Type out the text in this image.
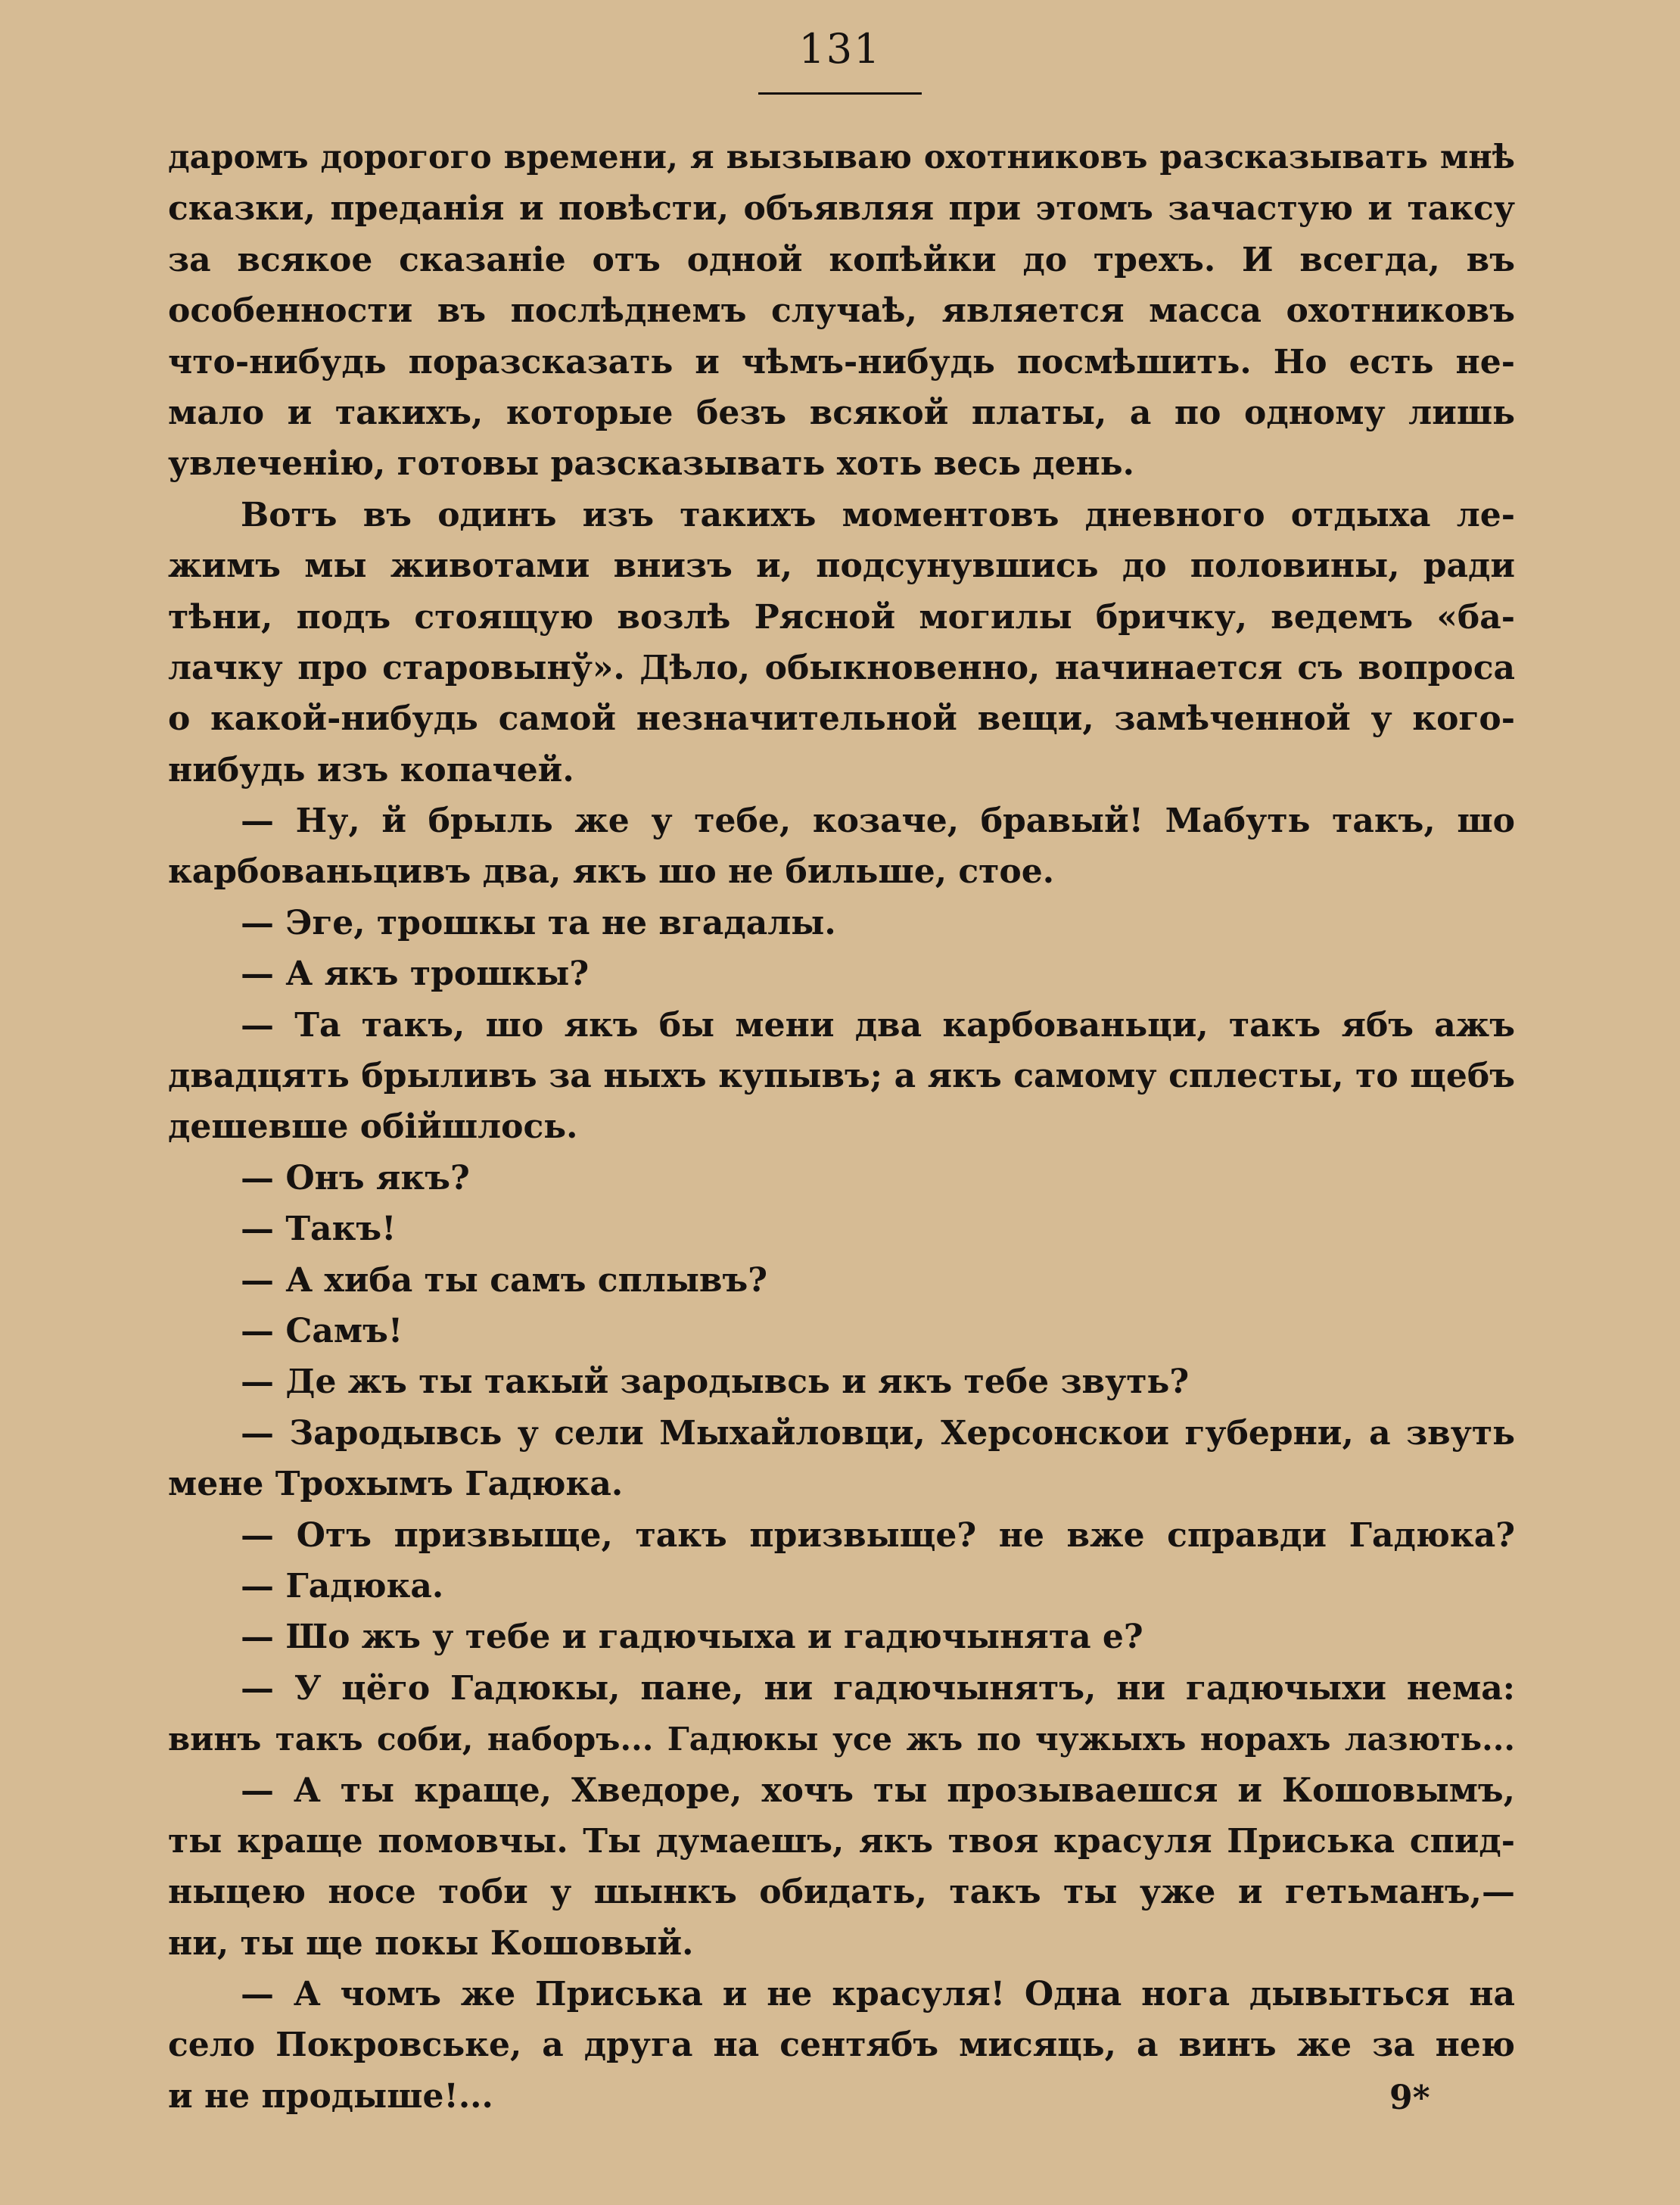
131
даромъ дорогого времени, я вызываю охотниковъ разсказывать мнѣ
сказки, преданія и повѣсти, объявляя при этомъ зачастую и таксу
за всякое сказаніе отъ одной копѣйки до трехъ. И всегда, въ
особенности въ послѣднемъ случаѣ, является масса охотниковъ
что-нибудь поразсказать и чѣмъ-нибудь посмѣшить. Но есть не-
мало и такихъ, которые безъ всякой платы, а по одному лишь
увлеченію, готовы разсказывать хоть весь день.
Вотъ въ одинъ изъ такихъ моментовъ дневного отдыха ле-
жимъ мы животами внизъ и, подсунувшись до половины, ради
тѣни, подъ стоящую возлѣ Рясной могилы бричку, ведемъ «ба-
лачку про старовынў». Дѣло, обыкновенно, начинается съ вопроса
о какой-нибудь самой незначительной вещи, замѣченной у кого-
нибудь изъ копачей.
— Ну, й брыль же у тебе, козаче, бравый! Мабуть такъ, шо
карбованьцивъ два, якъ шо не бильше, стое.
— Эге, трошкы та не вгадалы.
— А якъ трошкы?
— Та такъ, шо якъ бы мени два карбованьци, такъ ябъ ажъ
двадцять брыливъ за ныхъ купывъ; а якъ самому сплесты, то щебъ
дешевше обійшлось.
— Онъ якъ?
— Такъ!
— А хиба ты самъ сплывъ?
— Самъ!
— Де жъ ты такый зародывсь и якъ тебе звуть?
— Зародывсь у сели Мыхайловци, Херсонскои губерни, а звуть
мене Трохымъ Гадюка.
— Отъ призвыще, такъ призвыще? не вже справди Гадюка?
— Гадюка.
— Шо жъ у тебе и гадючыха и гадючынята е?
— У цёго Гадюкы, пане, ни гадючынятъ, ни гадючыхи нема:
винъ такъ соби, наборъ... Гадюкы усе жъ по чужыхъ норахъ лазють...
— А ты краще, Хведоре, хочъ ты прозываешся и Кошовымъ,
ты краще помовчы. Ты думаешъ, якъ твоя красуля Приська спид-
ныцею носе тоби у шынкъ обидать, такъ ты уже и гетьманъ,—
ни, ты ще покы Кошовый.
— А чомъ же Приська и не красуля! Одна нога дывыться на
село Покровське, а друга на сентябъ мисяць, а винъ же за нею
и не продыше!...	9*
